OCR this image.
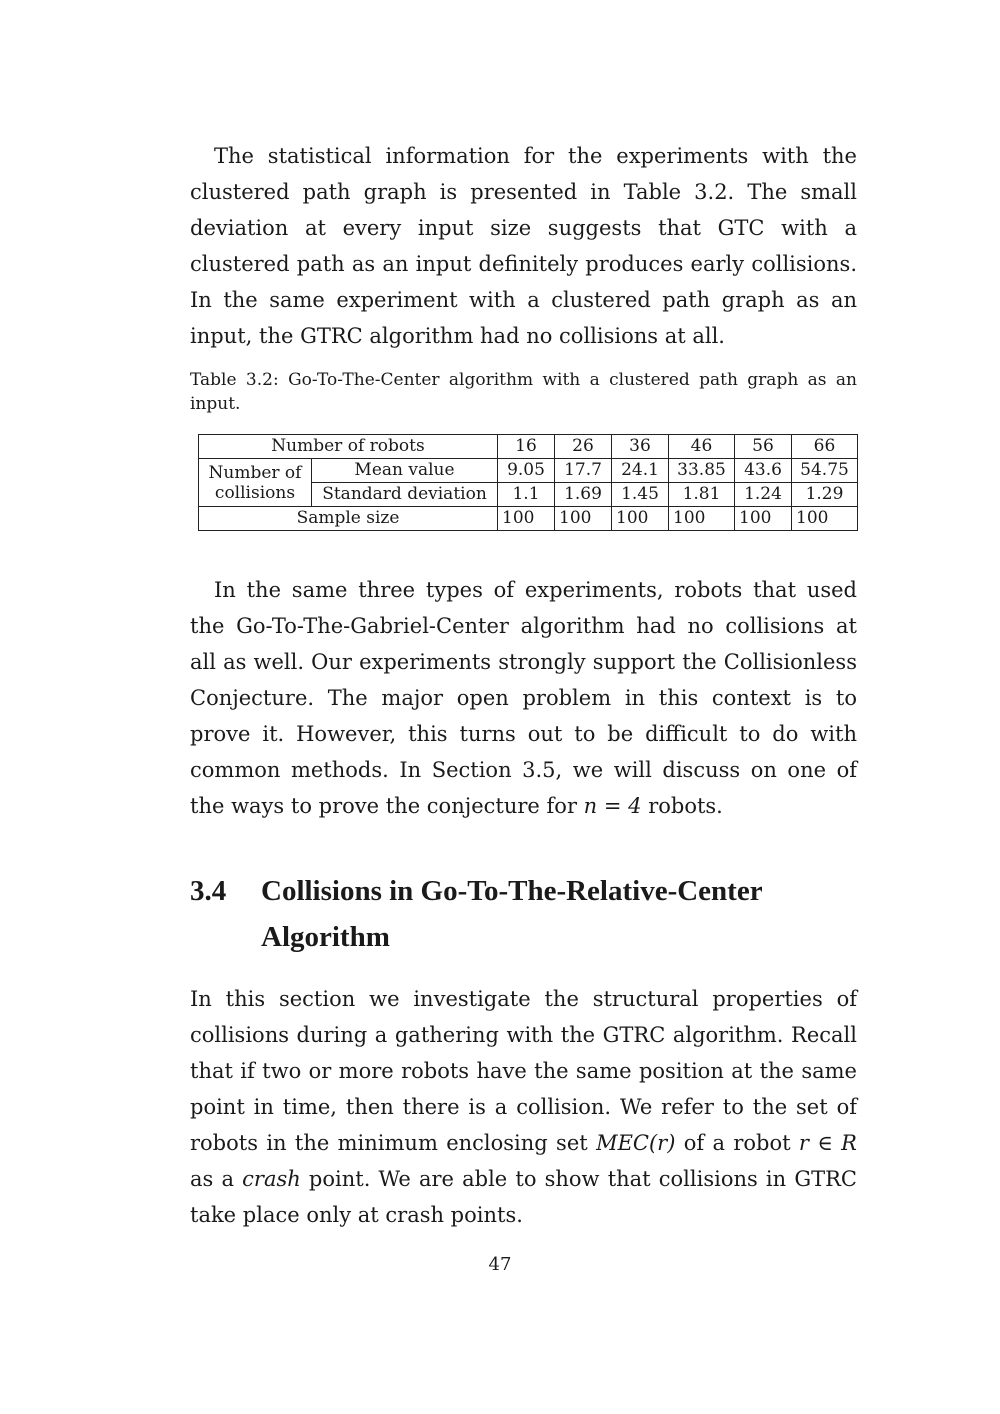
The statistical information for the experiments with the clustered path graph is presented in Table 3.2. The small deviation at every input size suggests that GTC with a clustered path as an input definitely produces early collisions. In the same experiment with a clustered path graph as an input, the GTRC algorithm had no collisions at all.

Table 3.2: Go-To-The-Center algorithm with a clustered path graph as an input.

Number of robots		16	26	36	46	56	66
Number of collisions	Mean value	9.05	17.7	24.1	33.85	43.6	54.75
	Standard deviation	1.1	1.69	1.45	1.81	1.24	1.29
Sample size		100	100	100	100	100	100

In the same three types of experiments, robots that used the Go-To-The-Gabriel-Center algorithm had no collisions at all as well. Our experiments strongly support the Collisionless Conjecture. The major open problem in this context is to prove it. However, this turns out to be difficult to do with common methods. In Section 3.5, we will discuss on one of the ways to prove the conjecture for n = 4 robots.

3.4 Collisions in Go-To-The-Relative-Center Algorithm

In this section we investigate the structural properties of collisions during a gathering with the GTRC algorithm. Recall that if two or more robots have the same position at the same point in time, then there is a collision. We refer to the set of robots in the minimum enclosing set MEC(r) of a robot r ∈ R as a crash point. We are able to show that collisions in GTRC take place only at crash points.

47
